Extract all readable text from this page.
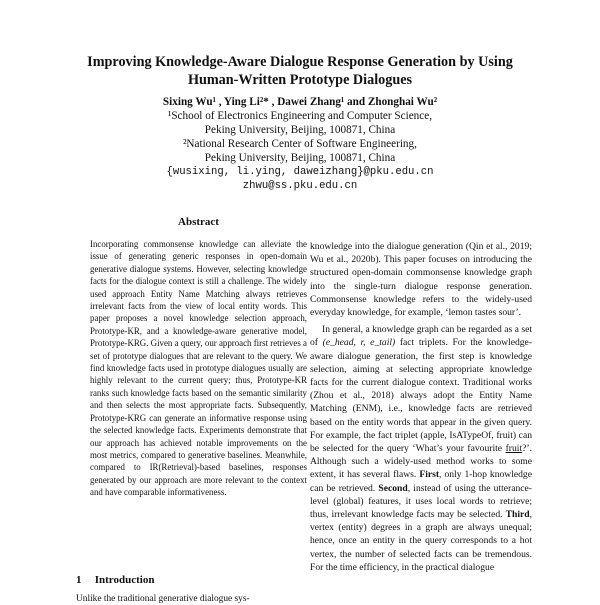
Improving Knowledge-Aware Dialogue Response Generation by Using
Human-Written Prototype Dialogues
Sixing Wu¹ , Ying Li²* , Dawei Zhang¹ and Zhonghai Wu²
¹School of Electronics Engineering and Computer Science,
Peking University, Beijing, 100871, China
²National Research Center of Software Engineering,
Peking University, Beijing, 100871, China
{wusixing, li.ying, daweizhang}@pku.edu.cn
zhwu@ss.pku.edu.cn
Abstract

Incorporating commonsense knowledge can alleviate the issue of generating generic responses in open-domain generative dialogue systems. However, selecting knowledge facts for the dialogue context is still a challenge. The widely used approach Entity Name Matching always retrieves irrelevant facts from the view of local entity words. This paper proposes a novel knowledge selection approach, Prototype-KR, and a knowledge-aware generative model, Prototype-KRG. Given a query, our approach first retrieves a set of prototype dialogues that are relevant to the query. We find knowledge facts used in prototype dialogues usually are highly relevant to the current query; thus, Prototype-KR ranks such knowledge facts based on the semantic similarity and then selects the most appropriate facts. Subsequently, Prototype-KRG can generate an informative response using the selected knowledge facts. Experiments demonstrate that our approach has achieved notable improvements on the most metrics, compared to generative baselines. Meanwhile, compared to IR(Retrieval)-based baselines, responses generated by our approach are more relevant to the context and have comparable informativeness.

1 Introduction
Unlike the traditional generative dialogue sys-

knowledge into the dialogue generation (Qin et al., 2019; Wu et al., 2020b). This paper focuses on introducing the structured open-domain commonsense knowledge graph into the single-turn dialogue response generation. Commonsense knowledge refers to the widely-used everyday knowledge, for example, ‘lemon tastes sour’.

In general, a knowledge graph can be regarded as a set of (e_head, r, e_tail) fact triplets. For the knowledge-aware dialogue generation, the first step is knowledge selection, aiming at selecting appropriate knowledge facts for the current dialogue context. Traditional works (Zhou et al., 2018) always adopt the Entity Name Matching (ENM), i.e., knowledge facts are retrieved based on the entity words that appear in the given query. For example, the fact triplet (apple, IsATypeOf, fruit) can be selected for the query ‘What’s your favourite fruit?’. Although such a widely-used method works to some extent, it has several flaws. First, only 1-hop knowledge can be retrieved. Second, instead of using the utterance-level (global) features, it uses local words to retrieve; thus, irrelevant knowledge facts may be selected. Third, vertex (entity) degrees in a graph are always unequal; hence, once an entity in the query corresponds to a hot vertex, the number of selected facts can be tremendous. For the time efficiency, in the practical dialogue
